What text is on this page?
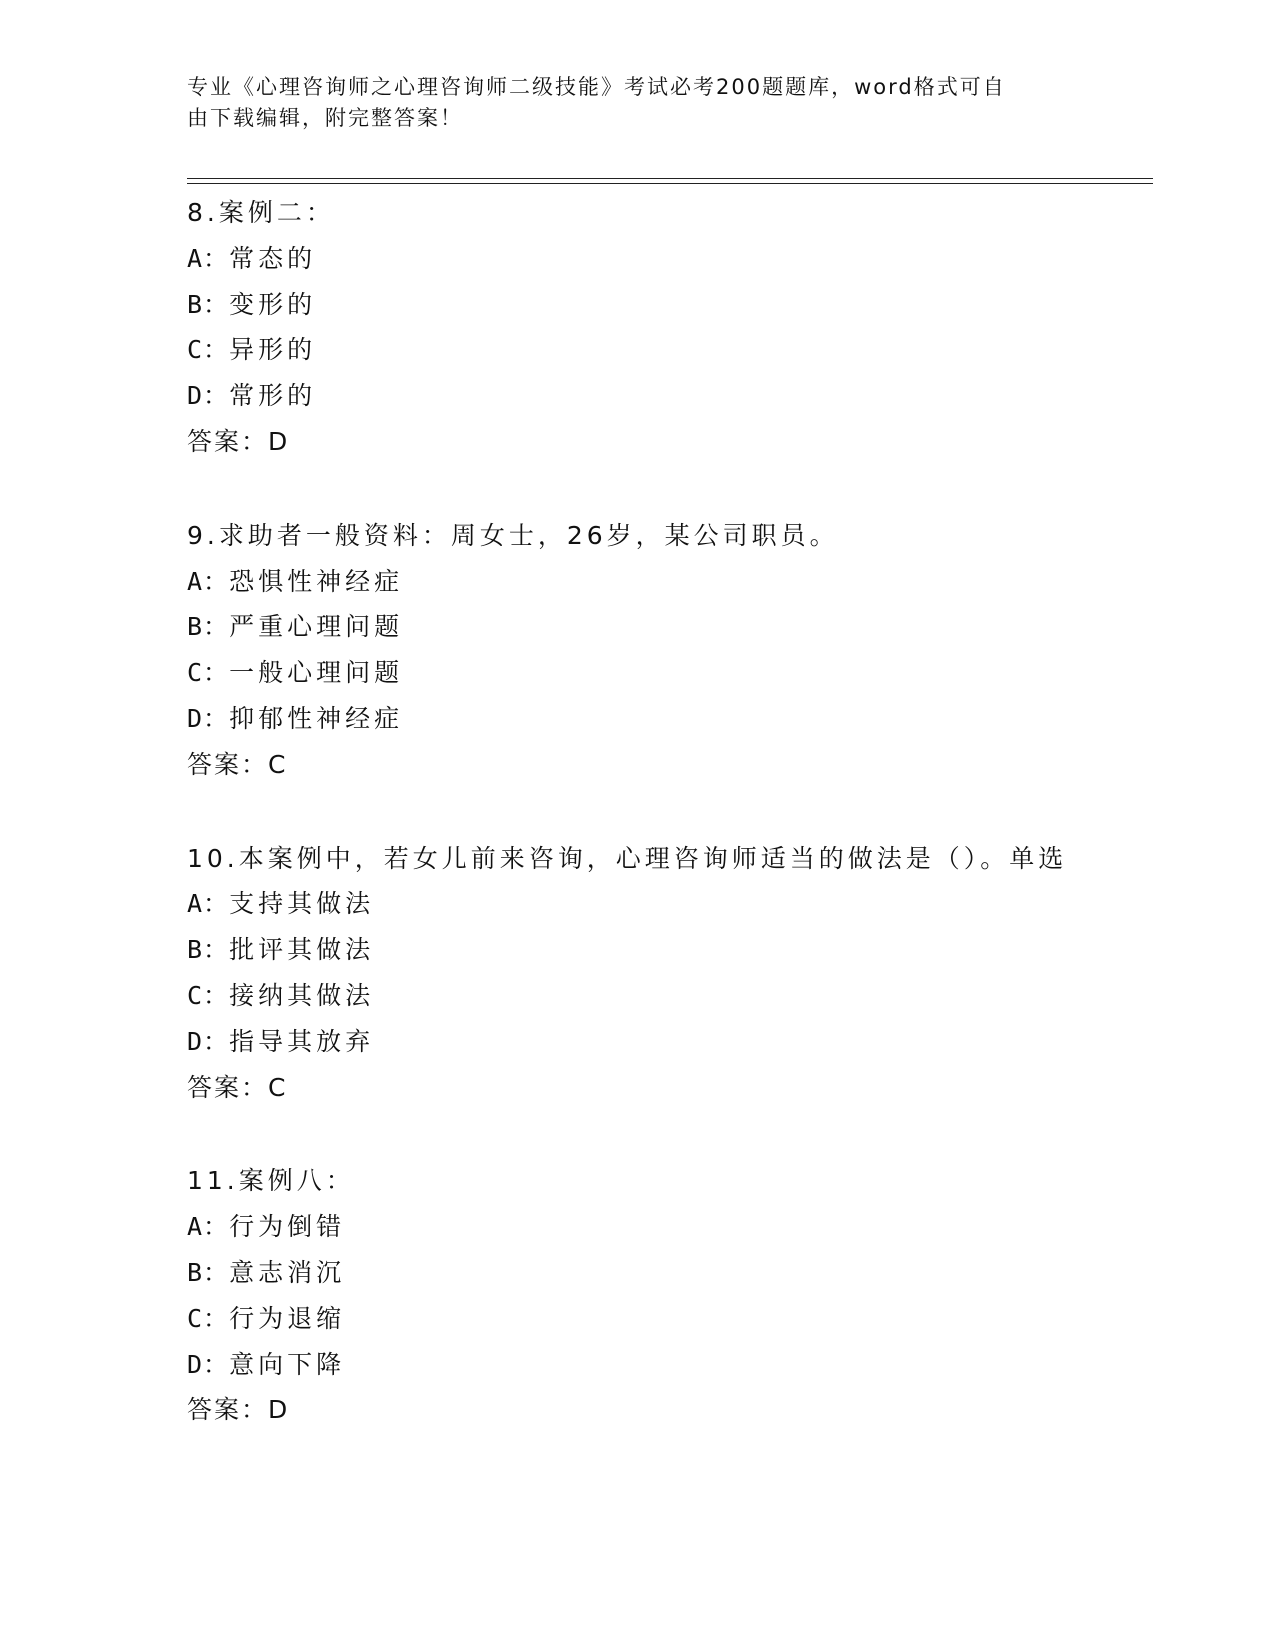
专业《心理咨询师之心理咨询师二级技能》考试必考200题题库，word格式可自
由下载编辑，附完整答案！
8.案例二：
A：常态的
B：变形的
C：异形的
D：常形的
答案：D
9.求助者一般资料：周女士，26岁，某公司职员。
A：恐惧性神经症
B：严重心理问题
C：一般心理问题
D：抑郁性神经症
答案：C
10.本案例中，若女儿前来咨询，心理咨询师适当的做法是（）。单选
A：支持其做法
B：批评其做法
C：接纳其做法
D：指导其放弃
答案：C
11.案例八：
A：行为倒错
B：意志消沉
C：行为退缩
D：意向下降
答案：D
